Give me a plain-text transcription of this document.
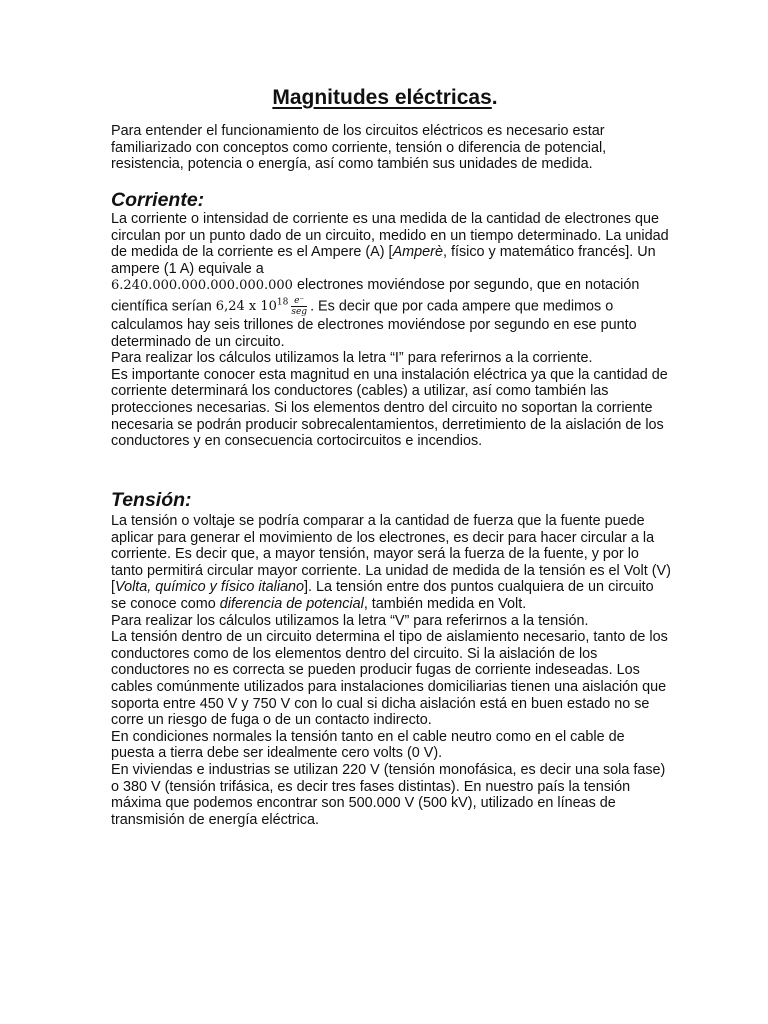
Magnitudes eléctricas.
Para entender el funcionamiento de los circuitos eléctricos es necesario estar familiarizado con conceptos como corriente, tensión o diferencia de potencial, resistencia, potencia o energía, así como también sus unidades de medida.
Corriente:
La corriente o intensidad de corriente es una medida de la cantidad de electrones que circulan por un punto dado de un circuito, medido en un tiempo determinado. La unidad de medida de la corriente es el Ampere (A) [Amperè, físico y matemático francés]. Un ampere (1 A) equivale a
6.240.000.000.000.000.000 electrones moviéndose por segundo, que en notación científica serían 6,24 x $10^{18} \frac{e^-}{\text{seg}}$ . Es decir que por cada ampere que medimos o calculamos hay seis trillones de electrones moviéndose por segundo en ese punto determinado de un circuito.
Para realizar los cálculos utilizamos la letra “I” para referirnos a la corriente.
Es importante conocer esta magnitud en una instalación eléctrica ya que la cantidad de corriente determinará los conductores (cables) a utilizar, así como también las protecciones necesarias. Si los elementos dentro del circuito no soportan la corriente necesaria se podrán producir sobrecalentamientos, derretimiento de la aislación de los conductores y en consecuencia cortocircuitos e incendios.
Tensión:
La tensión o voltaje se podría comparar a la cantidad de fuerza que la fuente puede aplicar para generar el movimiento de los electrones, es decir para hacer circular a la corriente. Es decir que, a mayor tensión, mayor será la fuerza de la fuente, y por lo tanto permitirá circular mayor corriente. La unidad de medida de la tensión es el Volt (V) [Volta, químico y físico italiano]. La tensión entre dos puntos cualquiera de un circuito se conoce como diferencia de potencial, también medida en Volt.
Para realizar los cálculos utilizamos la letra “V” para referirnos a la tensión.
La tensión dentro de un circuito determina el tipo de aislamiento necesario, tanto de los conductores como de los elementos dentro del circuito. Si la aislación de los conductores no es correcta se pueden producir fugas de corriente indeseadas. Los cables comúnmente utilizados para instalaciones domiciliarias tienen una aislación que soporta entre 450 V y 750 V con lo cual si dicha aislación está en buen estado no se corre un riesgo de fuga o de un contacto indirecto.
En condiciones normales la tensión tanto en el cable neutro como en el cable de puesta a tierra debe ser idealmente cero volts (0 V).
En viviendas e industrias se utilizan 220 V (tensión monofásica, es decir una sola fase) o 380 V (tensión trifásica, es decir tres fases distintas). En nuestro país la tensión máxima que podemos encontrar son 500.000 V (500 kV), utilizado en líneas de transmisión de energía eléctrica.
